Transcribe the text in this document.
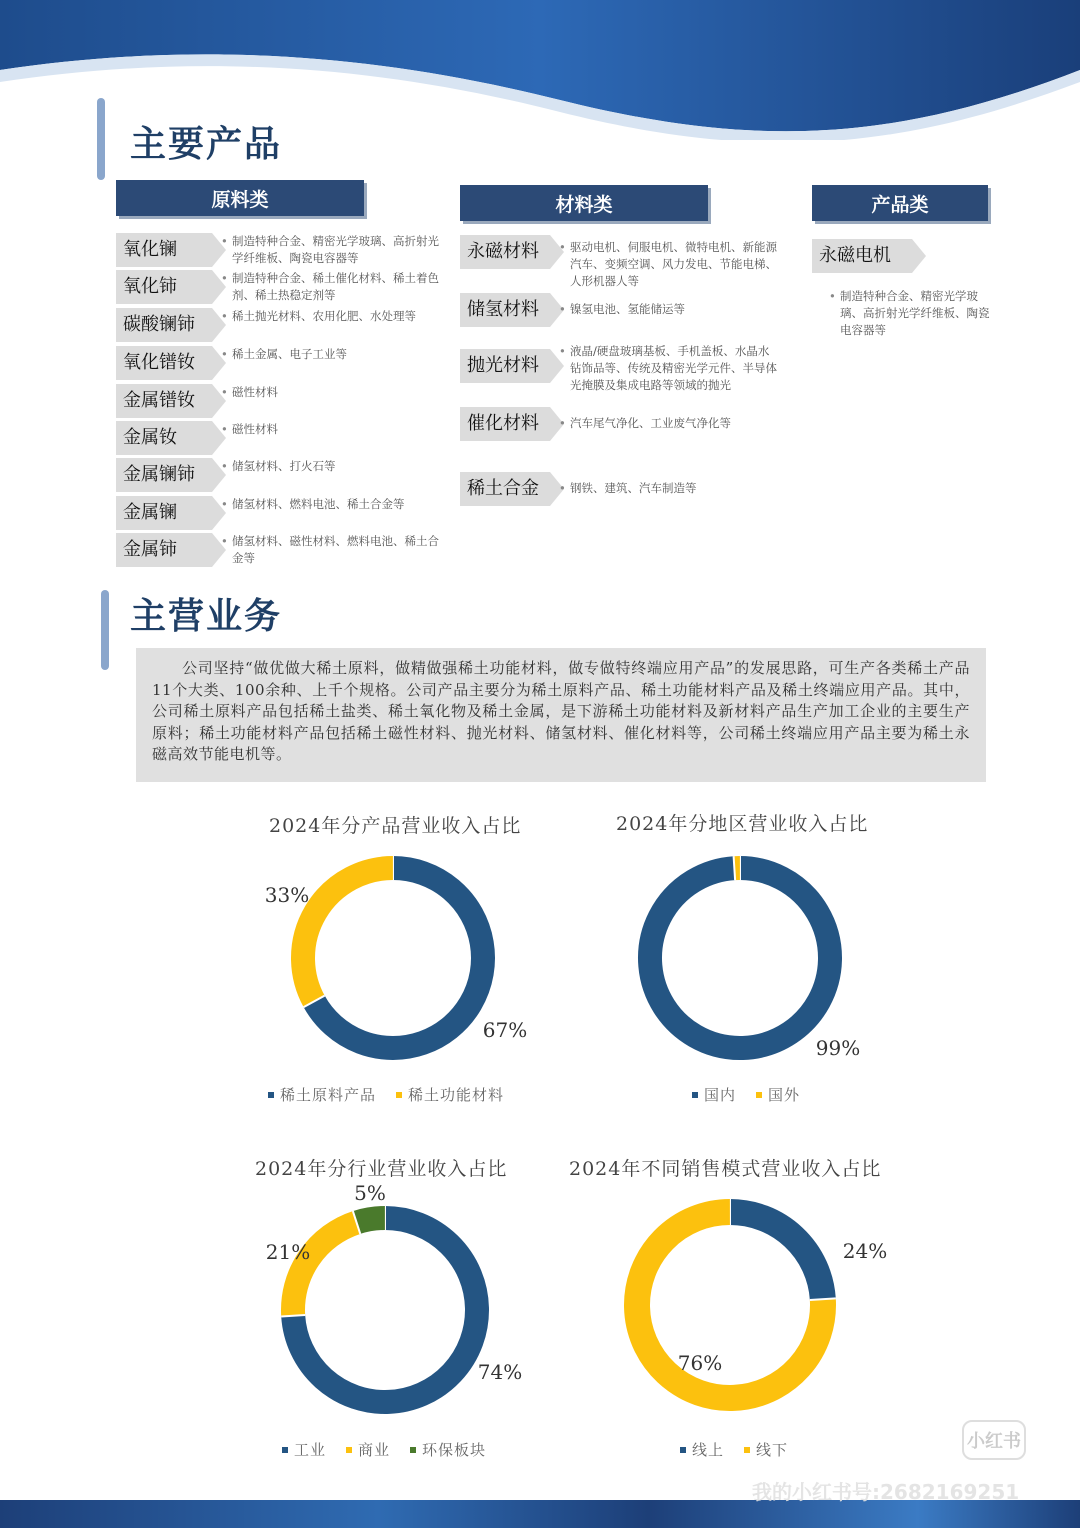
主要产品
原料类	材料类	产品类
氧化镧	• 制造特种合金、精密光学玻璃、高折射光学纤维板、陶瓷电容器等
氧化铈	• 制造特种合金、稀土催化材料、稀土着色剂、稀土热稳定剂等
碳酸镧铈	• 稀土抛光材料、农用化肥、水处理等
氧化镨钕	• 稀土金属、电子工业等
金属镨钕	• 磁性材料
金属钕	• 磁性材料
金属镧铈	• 储氢材料、打火石等
金属镧	• 储氢材料、燃料电池、稀土合金等
金属铈	• 储氢材料、磁性材料、燃料电池、稀土合金等
永磁材料	• 驱动电机、伺服电机、微特电机、新能源汽车、变频空调、风力发电、节能电梯、人形机器人等
储氢材料	• 镍氢电池、氢能储运等
抛光材料
• 液晶/硬盘玻璃基板、手机盖板、水晶水钻饰品等、传统及精密光学元件、半导体光掩膜及集成电路等领域的抛光
催化材料	• 汽车尾气净化、工业废气净化等
稀土合金	• 钢铁、建筑、汽车制造等
永磁电机
• 制造特种合金、精密光学玻璃、高折射光学纤维板、陶瓷电容器等
主营业务
公司坚持“做优做大稀土原料，做精做强稀土功能材料，做专做特终端应用产品”的发展思路，可生产各类稀土产品11个大类、100余种、上千个规格。公司产品主要分为稀土原料产品、稀土功能材料产品及稀土终端应用产品。其中，公司稀土原料产品包括稀土盐类、稀土氧化物及稀土金属，是下游稀土功能材料及新材料产品生产加工企业的主要生产原料；稀土功能材料产品包括稀土磁性材料、抛光材料、储氢材料、催化材料等，公司稀土终端应用产品主要为稀土永磁高效节能电机等。
2024年分产品营业收入占比	2024年分地区营业收入占比
2024年分行业营业收入占比	2024年不同销售模式营业收入占比
67%
33%
99%
74%
21%
5%
24%
76%
稀土原料产品 稀土功能材料	国内 国外
工业 商业 环保板块	线上 线下	小红书
我的小红书号:2682169251
